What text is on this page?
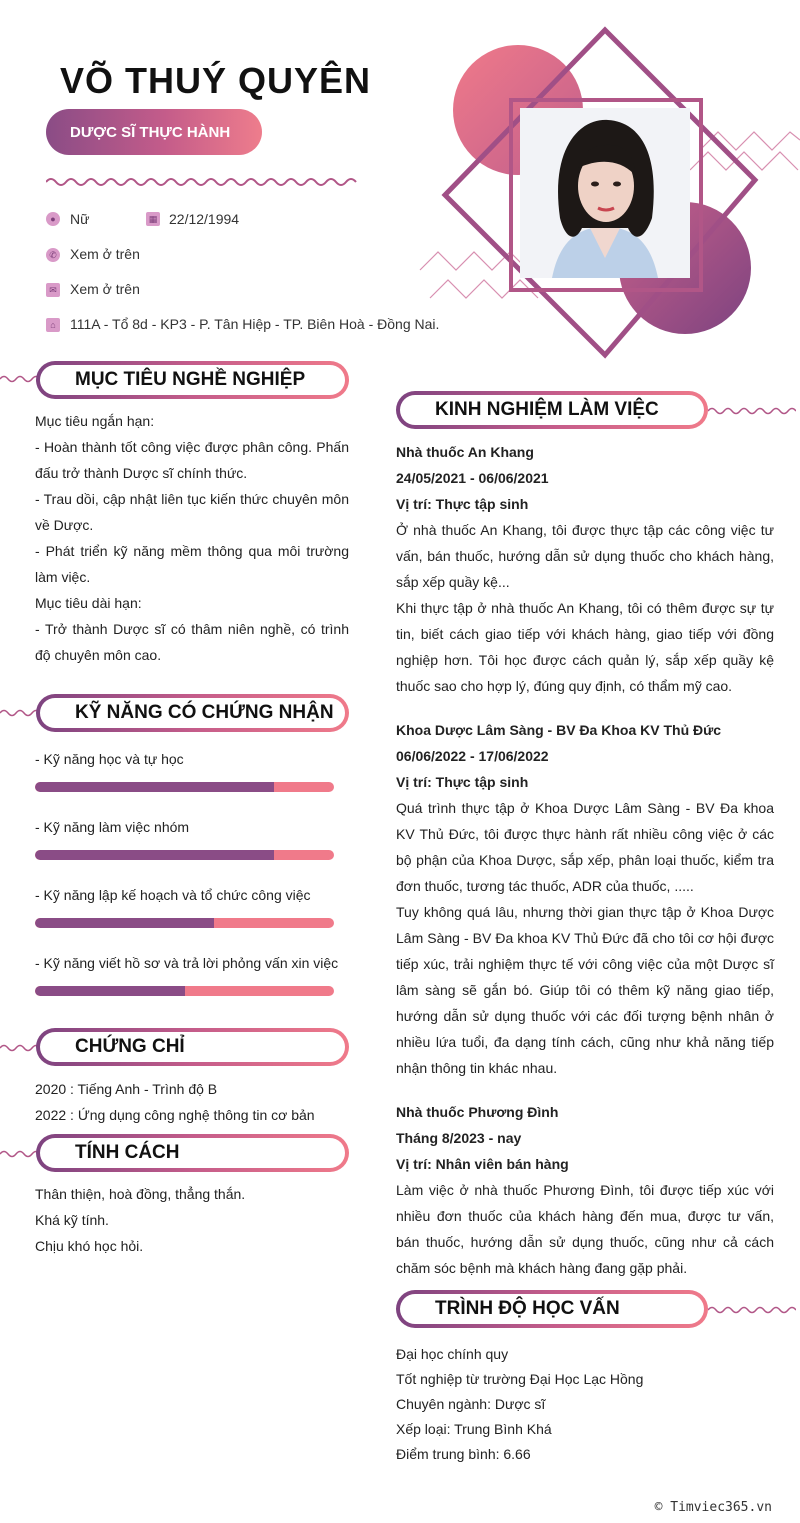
VÕ THUÝ QUYÊN
DƯỢC SĨ THỰC HÀNH
●	Nữ	▦ 22/12/1994
✆ Xem ở trên
✉ Xem ở trên
⌂	111A - Tổ 8d - KP3 - P. Tân Hiệp - TP. Biên Hoà - Đồng Nai.
MỤC TIÊU NGHỀ NGHIỆP
Mục tiêu ngắn hạn:
- Hoàn thành tốt công việc được phân công. Phấn đấu trở thành Dược sĩ chính thức.
- Trau dồi, cập nhật liên tục kiến thức chuyên môn về Dược.
- Phát triển kỹ năng mềm thông qua môi trường làm việc.
Mục tiêu dài hạn:
- Trở thành Dược sĩ có thâm niên nghề, có trình độ chuyên môn cao.
KỸ NĂNG CÓ CHỨNG NHẬN
- Kỹ năng học và tự học
- Kỹ năng làm việc nhóm
- Kỹ năng lập kế hoạch và tổ chức công việc
- Kỹ năng viết hồ sơ và trả lời phỏng vấn xin việc
CHỨNG CHỈ
2020 : Tiếng Anh - Trình độ B
2022 : Ứng dụng công nghệ thông tin cơ bản
TÍNH CÁCH
Thân thiện, hoà đồng, thẳng thắn.
Khá kỹ tính.
Chịu khó học hỏi.
KINH NGHIỆM LÀM VIỆC
Nhà thuốc An Khang
24/05/2021 - 06/06/2021
Vị trí: Thực tập sinh
Ở nhà thuốc An Khang, tôi được thực tập các công việc tư vấn, bán thuốc, hướng dẫn sử dụng thuốc cho khách hàng, sắp xếp quầy kệ...
Khi thực tập ở nhà thuốc An Khang, tôi có thêm được sự tự tin, biết cách giao tiếp với khách hàng, giao tiếp với đồng nghiệp hơn. Tôi học được cách quản lý, sắp xếp quầy kệ thuốc sao cho hợp lý, đúng quy định, có thẩm mỹ cao.
Khoa Dược Lâm Sàng - BV Đa Khoa KV Thủ Đức
06/06/2022 - 17/06/2022
Vị trí: Thực tập sinh
Quá trình thực tập ở Khoa Dược Lâm Sàng - BV Đa khoa KV Thủ Đức, tôi được thực hành rất nhiều công việc ở các bộ phận của Khoa Dược, sắp xếp, phân loại thuốc, kiểm tra đơn thuốc, tương tác thuốc, ADR của thuốc, .....
Tuy không quá lâu, nhưng thời gian thực tập ở Khoa Dược Lâm Sàng - BV Đa khoa KV Thủ Đức đã cho tôi cơ hội được tiếp xúc, trải nghiệm thực tế với công việc của một Dược sĩ lâm sàng sẽ gắn bó. Giúp tôi có thêm kỹ năng giao tiếp, hướng dẫn sử dụng thuốc với các đối tượng bệnh nhân ở nhiều lứa tuổi, đa dạng tính cách, cũng như khả năng tiếp nhận thông tin khác nhau.
Nhà thuốc Phương Đình
Tháng 8/2023 - nay
Vị trí: Nhân viên bán hàng
Làm việc ở nhà thuốc Phương Đình, tôi được tiếp xúc với nhiều đơn thuốc của khách hàng đến mua, được tư vấn, bán thuốc, hướng dẫn sử dụng thuốc, cũng như cả cách chăm sóc bệnh mà khách hàng đang gặp phải.
TRÌNH ĐỘ HỌC VẤN
Đại học chính quy
Tốt nghiệp từ trường Đại Học Lạc Hồng
Chuyên ngành: Dược sĩ
Xếp loại: Trung Bình Khá
Điểm trung bình: 6.66
© Timviec365.vn
